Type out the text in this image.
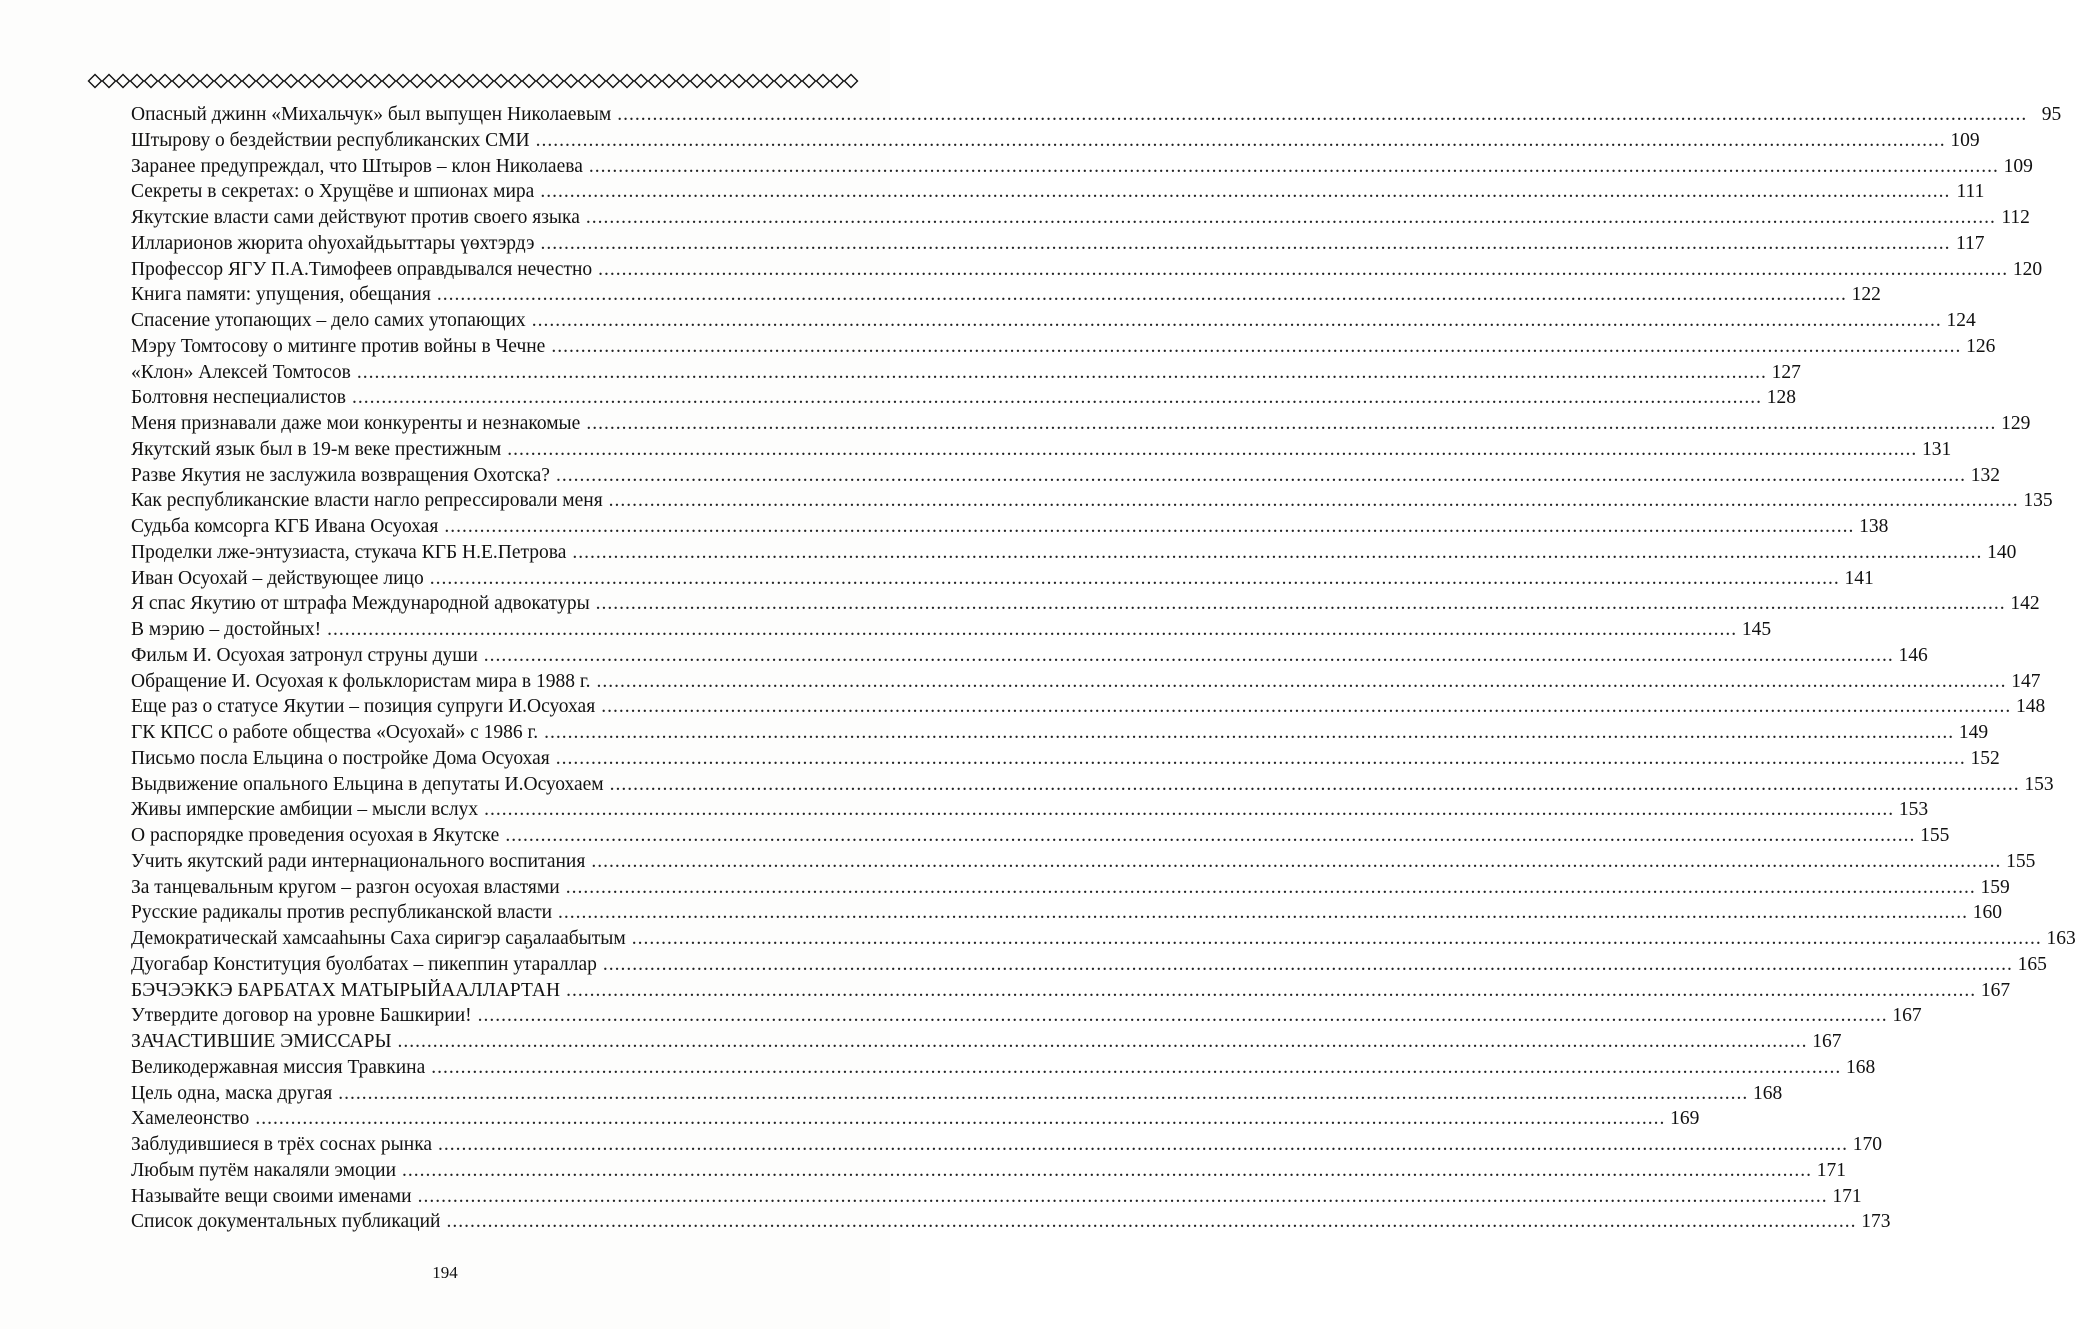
Опасный джинн «Михальчук» был выпущен Николаевым .....	95
Штырову о бездействии республиканских СМИ .....	109
Заранее предупреждал, что Штыров – клон Николаева .....	109
Секреты в секретах: о Хрущёве и шпионах мира .....	111
Якутские власти сами действуют против своего языка .....	112
Илларионов жюрита оһуохайдьыттары үөхтэрдэ .....	117
Профессор ЯГУ П.А.Тимофеев оправдывался нечестно .....	120
Книга памяти: упущения, обещания .....	122
Спасение утопающих – дело самих утопающих .....	124
Мэру Томтосову о митинге против войны в Чечне .....	126
«Клон» Алексей Томтосов .....	127
Болтовня неспециалистов .....	128
Меня признавали даже мои конкуренты и незнакомые .....	129
Якутский язык был в 19-м веке престижным .....	131
Разве Якутия не заслужила возвращения Охотска? .....	132
Как республиканские власти нагло репрессировали меня .....	135
Судьба комсорга КГБ Ивана Осуохая .....	138
Проделки лже-энтузиаста, стукача КГБ Н.Е.Петрова .....	140
Иван Осуохай – действующее лицо .....	141
Я спас Якутию от штрафа Международной адвокатуры .....	142
В мэрию – достойных! .....	145
Фильм И. Осуохая затронул струны души .....	146
Обращение И. Осуохая к фольклористам мира в 1988 г. .....	147
Еще раз о статусе Якутии – позиция супруги И.Осуохая .....	148
ГК КПСС о работе общества «Осуохай» с 1986 г. .....	149
Письмо посла Ельцина о постройке Дома Осуохая .....	152
Выдвижение опального Ельцина в депутаты И.Осуохаем .....	153
Живы имперские амбиции – мысли вслух .....	153
О распорядке проведения осуохая в Якутске .....	155
Учить якутский ради интернационального воспитания .....	155
За танцевальным кругом – разгон осуохая властями .....	159
Русские радикалы против республиканской власти .....	160
Демократическай хамсааһыны Саха сиригэр саҕалаабытым .....	163
Дуогабар Конституция буолбатах – пикеппин утараллар .....	165
БЭЧЭЭККЭ БАРБАТАХ МАТЫРЫЙААЛЛАРТАН .....	167
Утвердите договор на уровне Башкирии! .....	167
ЗАЧАСТИВШИЕ ЭМИССАРЫ .....	167
Великодержавная миссия Травкина .....	168
Цель одна, маска другая .....	168
Хамелеонство .....	169
Заблудившиеся в трёх соснах рынка .....	170
Любым путём накаляли эмоции .....	171
Называйте вещи своими именами .....	171
Список документальных публикаций .....	173
194
